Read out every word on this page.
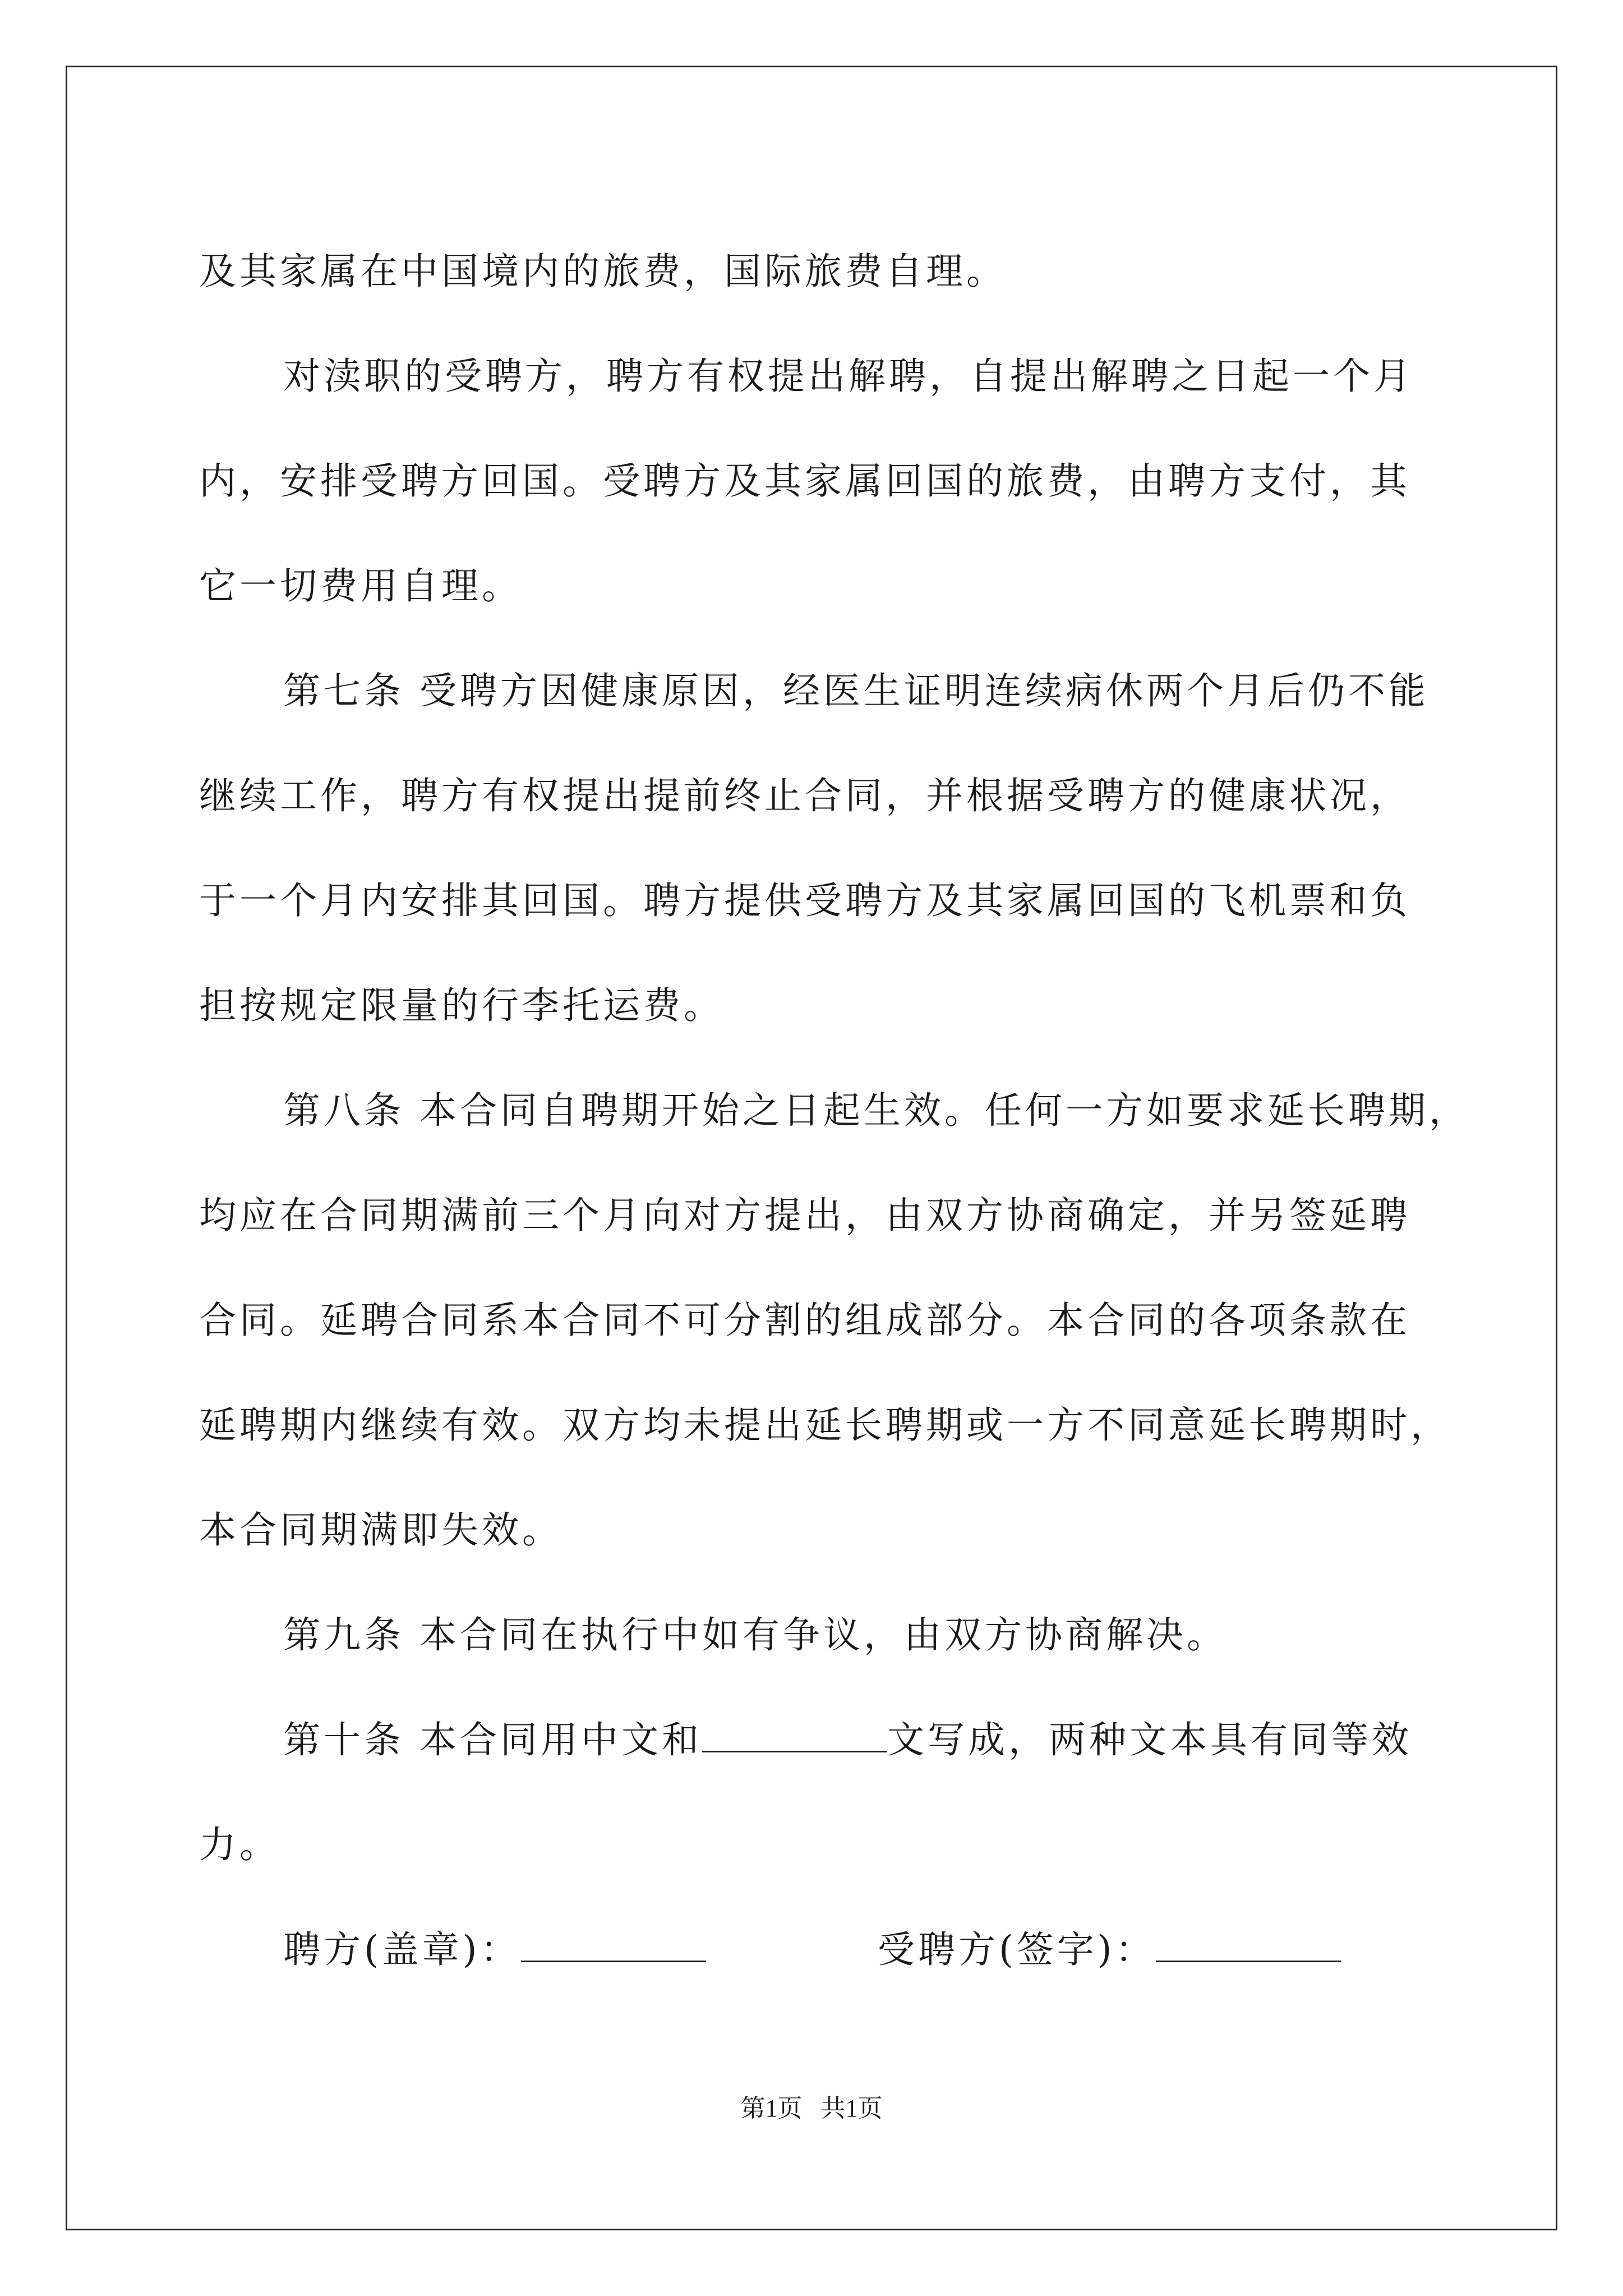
及其家属在中国境内的旅费，国际旅费自理。
对渎职的受聘方，聘方有权提出解聘，自提出解聘之日起一个月
内，安排受聘方回国。受聘方及其家属回国的旅费，由聘方支付，其
它一切费用自理。
第七条 受聘方因健康原因，经医生证明连续病休两个月后仍不能
继续工作，聘方有权提出提前终止合同，并根据受聘方的健康状况，
于一个月内安排其回国。聘方提供受聘方及其家属回国的飞机票和负
担按规定限量的行李托运费。
第八条 本合同自聘期开始之日起生效。任何一方如要求延长聘期，
均应在合同期满前三个月向对方提出，由双方协商确定，并另签延聘
合同。延聘合同系本合同不可分割的组成部分。本合同的各项条款在
延聘期内继续有效。双方均未提出延长聘期或一方不同意延长聘期时，
本合同期满即失效。
第九条 本合同在执行中如有争议，由双方协商解决。
第十条 本合同用中文和	文写成，两种文本具有同等效
力。
聘方(盖章)：	受聘方(签字)：
第1页   共1页
